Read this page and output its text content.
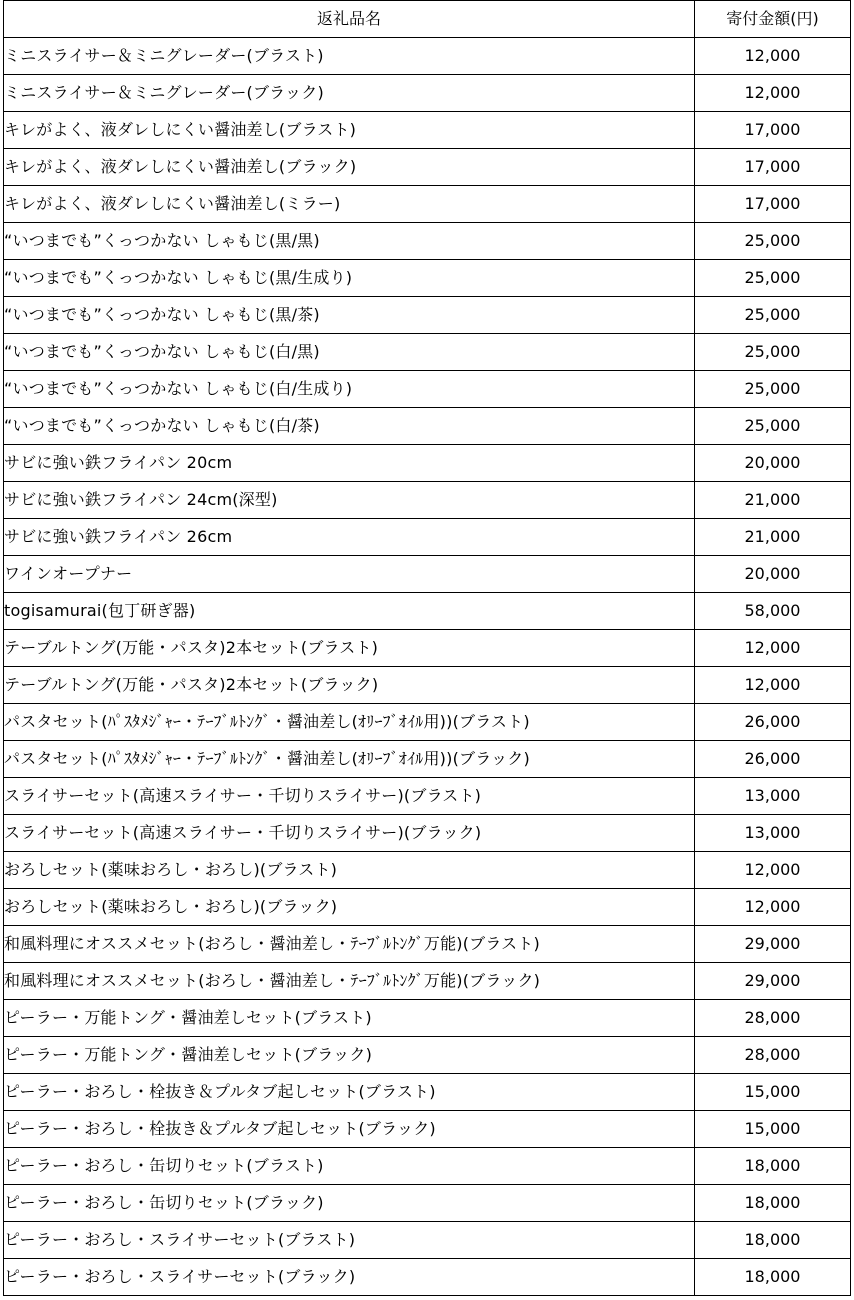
返礼品名	寄付金額(円)
ミニスライサー＆ミニグレーダー(ブラスト)	12,000
ミニスライサー＆ミニグレーダー(ブラック)	12,000
キレがよく、液ダレしにくい醤油差し(ブラスト)	17,000
キレがよく、液ダレしにくい醤油差し(ブラック)	17,000
キレがよく、液ダレしにくい醤油差し(ミラー)	17,000
“いつまでも”くっつかない しゃもじ(黒/黒)	25,000
“いつまでも”くっつかない しゃもじ(黒/生成り)	25,000
“いつまでも”くっつかない しゃもじ(黒/茶)	25,000
“いつまでも”くっつかない しゃもじ(白/黒)	25,000
“いつまでも”くっつかない しゃもじ(白/生成り)	25,000
“いつまでも”くっつかない しゃもじ(白/茶)	25,000
サビに強い鉄フライパン 20cm	20,000
サビに強い鉄フライパン 24cm(深型)	21,000
サビに強い鉄フライパン 26cm	21,000
ワインオープナー	20,000
togisamurai(包丁研ぎ器)	58,000
テーブルトング(万能・パスタ)2本セット(ブラスト)	12,000
テーブルトング(万能・パスタ)2本セット(ブラック)	12,000
パスタセット(ﾊﾟｽﾀﾒｼﾞｬｰ・ﾃｰﾌﾞﾙﾄﾝｸﾞ・醤油差し(ｵﾘｰﾌﾞｵｲﾙ用))(ブラスト)	26,000
パスタセット(ﾊﾟｽﾀﾒｼﾞｬｰ・ﾃｰﾌﾞﾙﾄﾝｸﾞ・醤油差し(ｵﾘｰﾌﾞｵｲﾙ用))(ブラック)	26,000
スライサーセット(高速スライサー・千切りスライサー)(ブラスト)	13,000
スライサーセット(高速スライサー・千切りスライサー)(ブラック)	13,000
おろしセット(薬味おろし・おろし)(ブラスト)	12,000
おろしセット(薬味おろし・おろし)(ブラック)	12,000
和風料理にオススメセット(おろし・醤油差し・ﾃｰﾌﾞﾙﾄﾝｸﾞ万能)(ブラスト)	29,000
和風料理にオススメセット(おろし・醤油差し・ﾃｰﾌﾞﾙﾄﾝｸﾞ万能)(ブラック)	29,000
ピーラー・万能トング・醤油差しセット(ブラスト)	28,000
ピーラー・万能トング・醤油差しセット(ブラック)	28,000
ピーラー・おろし・栓抜き＆プルタブ起しセット(ブラスト)	15,000
ピーラー・おろし・栓抜き＆プルタブ起しセット(ブラック)	15,000
ピーラー・おろし・缶切りセット(ブラスト)	18,000
ピーラー・おろし・缶切りセット(ブラック)	18,000
ピーラー・おろし・スライサーセット(ブラスト)	18,000
ピーラー・おろし・スライサーセット(ブラック)	18,000
